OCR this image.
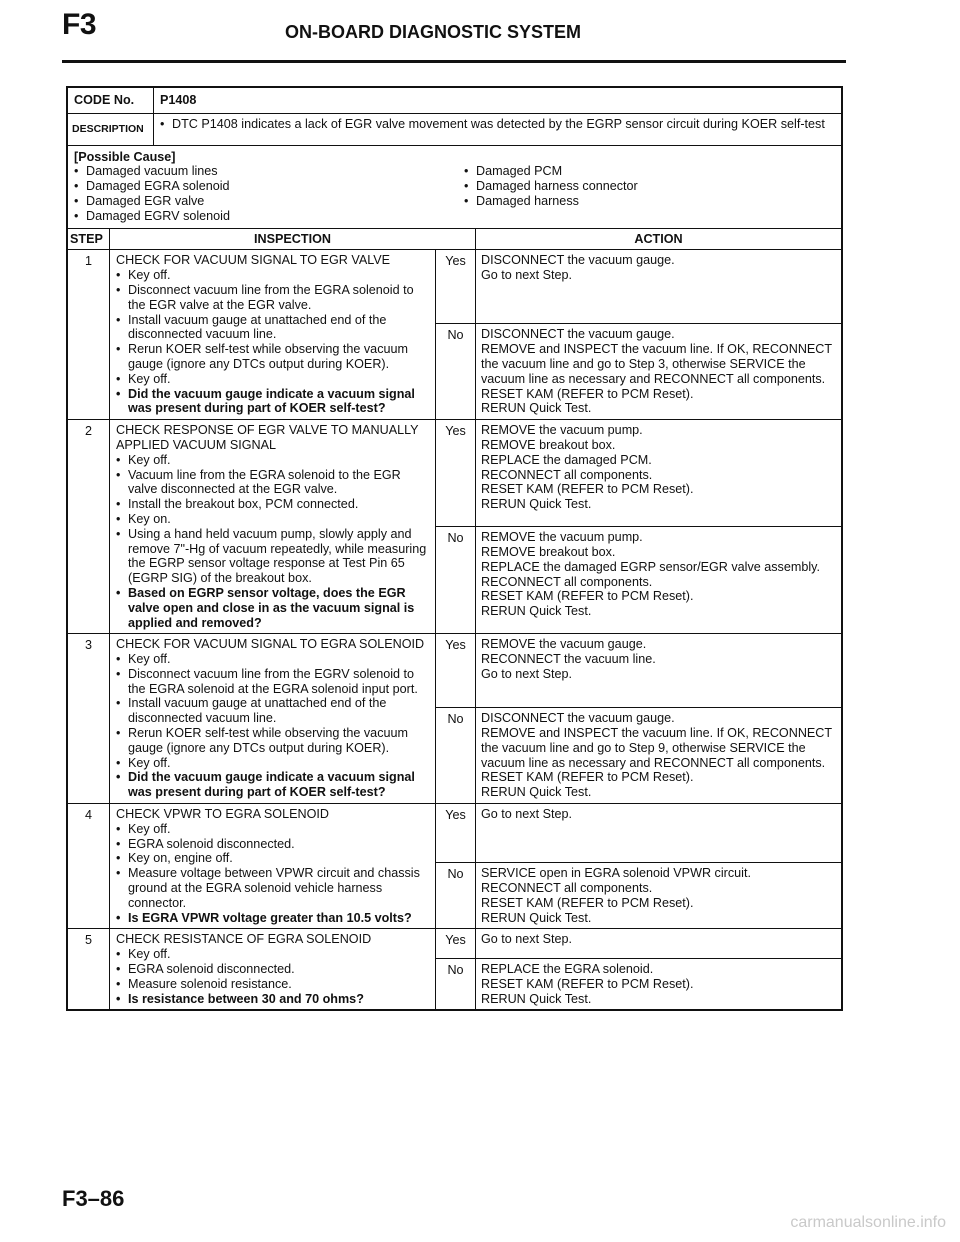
F3	ON-BOARD DIAGNOSTIC SYSTEM
CODE No.	P1408
DESCRIPTION	• DTC P1408 indicates a lack of EGR valve movement was detected by the EGRP sensor circuit during KOER self-test
[Possible Cause]
• Damaged vacuum lines
• Damaged EGRA solenoid
• Damaged EGR valve
• Damaged EGRV solenoid
• Damaged PCM
• Damaged harness connector
• Damaged harness
STEP	INSPECTION	ACTION
1	CHECK FOR VACUUM SIGNAL TO EGR VALVE
• Key off.
• Disconnect vacuum line from the EGRA solenoid to the EGR valve at the EGR valve.
• Install vacuum gauge at unattached end of the disconnected vacuum line.
• Rerun KOER self-test while observing the vacuum gauge (ignore any DTCs output during KOER).
• Key off.
• Did the vacuum gauge indicate a vacuum signal was present during part of KOER self-test?
Yes	DISCONNECT the vacuum gauge.
Go to next Step.
No	DISCONNECT the vacuum gauge.
REMOVE and INSPECT the vacuum line. If OK, RECONNECT the vacuum line and go to Step 3, otherwise SERVICE the vacuum line as necessary and RECONNECT all components.
RESET KAM (REFER to PCM Reset).
RERUN Quick Test.
2	CHECK RESPONSE OF EGR VALVE TO MANUALLY APPLIED VACUUM SIGNAL
• Key off.
• Vacuum line from the EGRA solenoid to the EGR valve disconnected at the EGR valve.
• Install the breakout box, PCM connected.
• Key on.
• Using a hand held vacuum pump, slowly apply and remove 7"-Hg of vacuum repeatedly, while measuring the EGRP sensor voltage response at Test Pin 65 (EGRP SIG) of the breakout box.
• Based on EGRP sensor voltage, does the EGR valve open and close in as the vacuum signal is applied and removed?
Yes	REMOVE the vacuum pump.
REMOVE breakout box.
REPLACE the damaged PCM.
RECONNECT all components.
RESET KAM (REFER to PCM Reset).
RERUN Quick Test.
No	REMOVE the vacuum pump.
REMOVE breakout box.
REPLACE the damaged EGRP sensor/EGR valve assembly.
RECONNECT all components.
RESET KAM (REFER to PCM Reset).
RERUN Quick Test.
3	CHECK FOR VACUUM SIGNAL TO EGRA SOLENOID
• Key off.
• Disconnect vacuum line from the EGRV solenoid to the EGRA solenoid at the EGRA solenoid input port.
• Install vacuum gauge at unattached end of the disconnected vacuum line.
• Rerun KOER self-test while observing the vacuum gauge (ignore any DTCs output during KOER).
• Key off.
• Did the vacuum gauge indicate a vacuum signal was present during part of KOER self-test?
Yes	REMOVE the vacuum gauge.
RECONNECT the vacuum line.
Go to next Step.
No	DISCONNECT the vacuum gauge.
REMOVE and INSPECT the vacuum line. If OK, RECONNECT the vacuum line and go to Step 9, otherwise SERVICE the vacuum line as necessary and RECONNECT all components.
RESET KAM (REFER to PCM Reset).
RERUN Quick Test.
4	CHECK VPWR TO EGRA SOLENOID
• Key off.
• EGRA solenoid disconnected.
• Key on, engine off.
• Measure voltage between VPWR circuit and chassis ground at the EGRA solenoid vehicle harness connector.
• Is EGRA VPWR voltage greater than 10.5 volts?
Yes	Go to next Step.
No	SERVICE open in EGRA solenoid VPWR circuit.
RECONNECT all components.
RESET KAM (REFER to PCM Reset).
RERUN Quick Test.
5	CHECK RESISTANCE OF EGRA SOLENOID
• Key off.
• EGRA solenoid disconnected.
• Measure solenoid resistance.
• Is resistance between 30 and 70 ohms?
Yes	Go to next Step.
No	REPLACE the EGRA solenoid.
RESET KAM (REFER to PCM Reset).
RERUN Quick Test.
F3–86
carmanualsonline.info
